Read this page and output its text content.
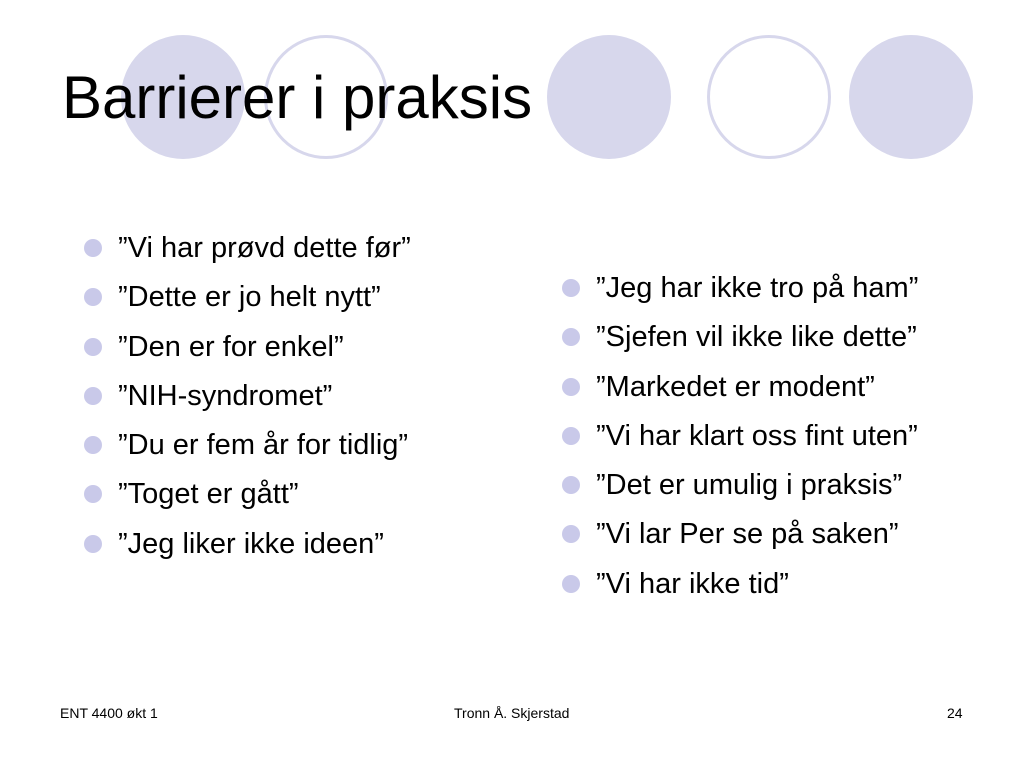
Barrierer i praksis
”Vi har prøvd dette før”
”Dette er jo helt nytt”
”Den er for enkel”
”NIH-syndromet”
”Du er fem år for tidlig”
”Toget er gått”
”Jeg liker ikke ideen”
”Jeg har ikke tro på ham”
”Sjefen vil ikke like dette”
”Markedet er modent”
”Vi har klart oss fint uten”
”Det er umulig i praksis”
”Vi lar Per se på saken”
”Vi har ikke tid”
ENT 4400 økt 1	Tronn Å. Skjerstad	24
